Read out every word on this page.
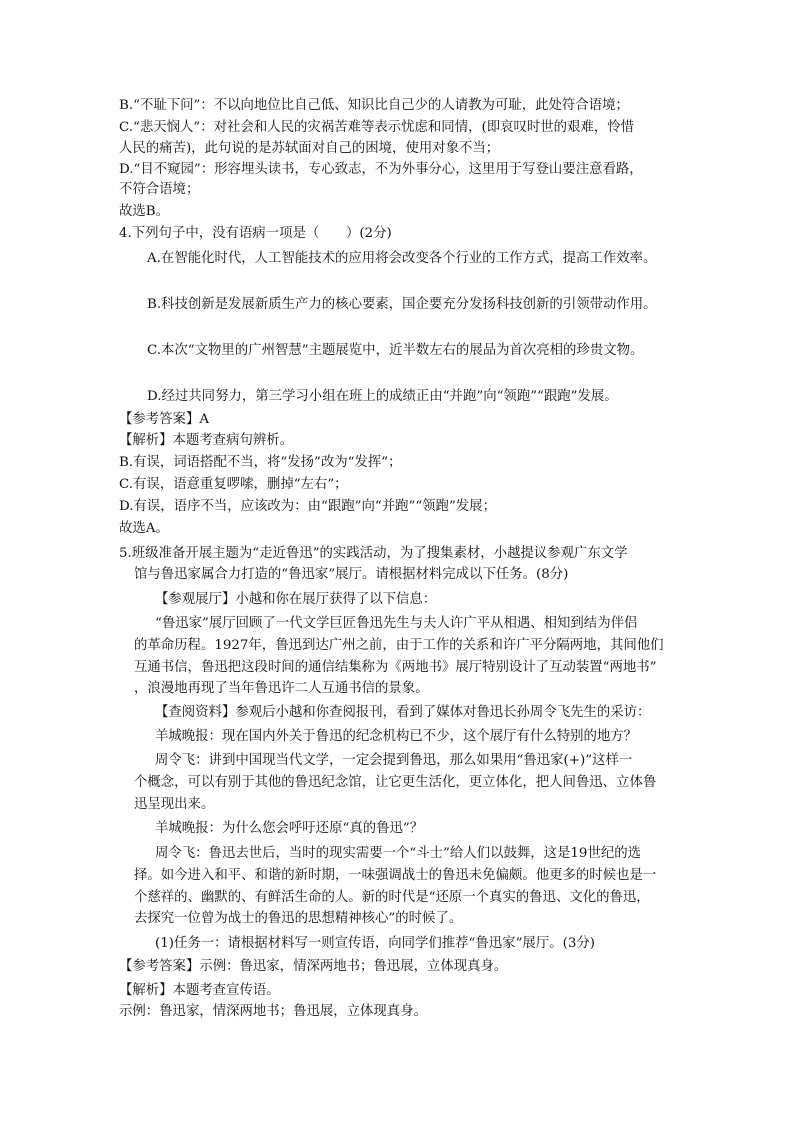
B.“不耻下问”：不以向地位比自己低、知识比自己少的人请教为可耻，此处符合语境；
C.“悲天悯人”：对社会和人民的灾祸苦难等表示忧虑和同情，(即哀叹时世的艰难，怜惜
人民的痛苦)，此句说的是苏轼面对自己的困境，使用对象不当；
D.“目不窥园”：形容埋头读书，专心致志，不为外事分心，这里用于写登山要注意看路，
不符合语境；
故选B。
4.下列句子中，没有语病一项是（　　）(2分)
A.在智能化时代，人工智能技术的应用将会改变各个行业的工作方式，提高工作效率。
B.科技创新是发展新质生产力的核心要素，国企要充分发扬科技创新的引领带动作用。
C.本次“文物里的广州智慧”主题展览中，近半数左右的展品为首次亮相的珍贵文物。
D.经过共同努力，第三学习小组在班上的成绩正由“并跑”向“领跑”“跟跑”发展。
【参考答案】A
【解析】本题考查病句辨析。
B.有误，词语搭配不当，将“发扬”改为“发挥”；
C.有误，语意重复啰嗦，删掉“左右”；
D.有误，语序不当，应该改为：由“跟跑”向“并跑”“领跑”发展；
故选A。
5.班级准备开展主题为“走近鲁迅”的实践活动，为了搜集素材，小越提议参观广东文学
馆与鲁迅家属合力打造的“鲁迅家”展厅。请根据材料完成以下任务。(8分)
【参观展厅】小越和你在展厅获得了以下信息：
“鲁迅家”展厅回顾了一代文学巨匠鲁迅先生与夫人许广平从相遇、相知到结为伴侣
的革命历程。1927年，鲁迅到达广州之前，由于工作的关系和许广平分隔两地，其间他们
互通书信，鲁迅把这段时间的通信结集称为《两地书》展厅特别设计了互动装置“两地书”
，浪漫地再现了当年鲁迅许二人互通书信的景象。
【查阅资料】参观后小越和你查阅报刊，看到了媒体对鲁迅长孙周令飞先生的采访：
羊城晚报：现在国内外关于鲁迅的纪念机构已不少，这个展厅有什么特别的地方？
周令飞：讲到中国现当代文学，一定会提到鲁迅，那么如果用“鲁迅家(+)”这样一
个概念，可以有别于其他的鲁迅纪念馆，让它更生活化，更立体化，把人间鲁迅、立体鲁
迅呈现出来。
羊城晚报：为什么您会呼吁还原“真的鲁迅”？
周令飞：鲁迅去世后，当时的现实需要一个“斗士”给人们以鼓舞，这是19世纪的选
择。如今进入和平、和谐的新时期，一味强调战士的鲁迅未免偏颇。他更多的时候也是一
个慈祥的、幽默的、有鲜活生命的人。新的时代是“还原一个真实的鲁迅、文化的鲁迅，
去探究一位曾为战士的鲁迅的思想精神核心”的时候了。
(1)任务一：请根据材料写一则宣传语，向同学们推荐“鲁迅家”展厅。(3分)
【参考答案】示例：鲁迅家，情深两地书；鲁迅展，立体现真身。
【解析】本题考查宣传语。
示例：鲁迅家，情深两地书；鲁迅展，立体现真身。
